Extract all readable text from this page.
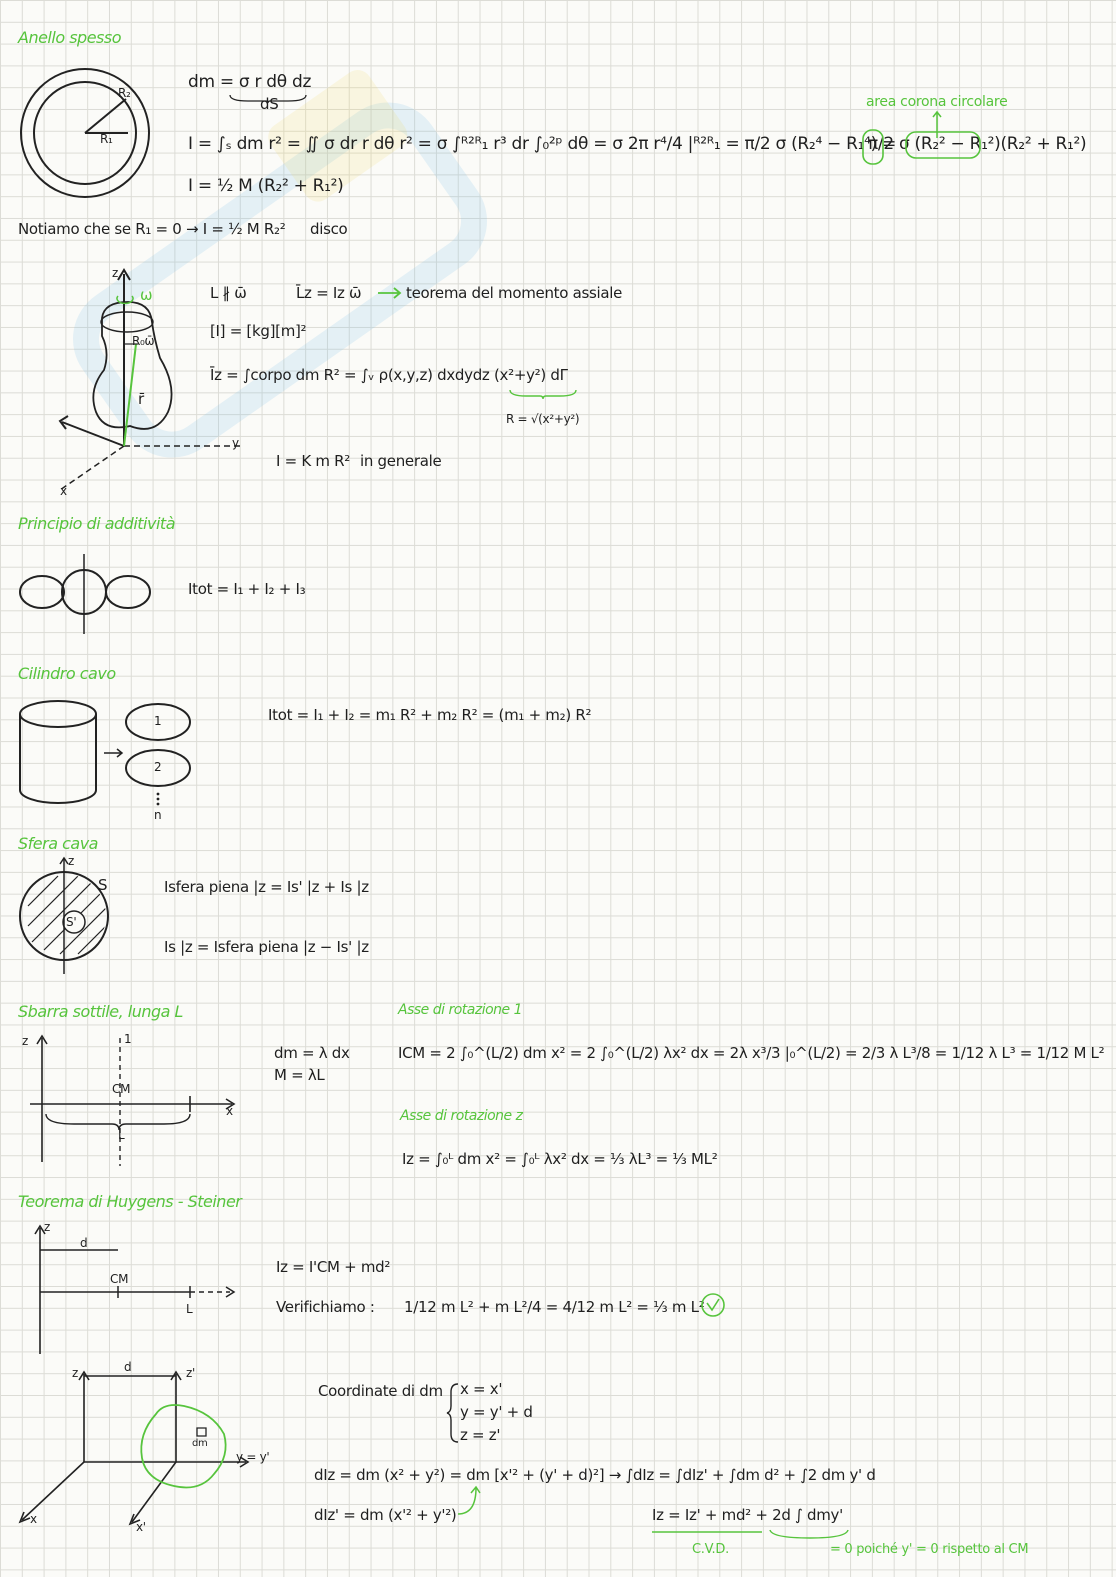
Anello spesso
R₂
R₁
dm = σ r dθ dz
dS	area corona circolare
I = ∫ₛ dm r² = ∬ σ dr r dθ r² = σ ∫ᴿ²ᴿ₁ r³ dr ∫₀²ᵖ dθ = σ 2π r⁴/4 |ᴿ²ᴿ₁ = π/2 σ (R₂⁴ − R₁⁴) =
π/2 σ (R₂² − R₁²)(R₂² + R₁²)
I = ½ M (R₂² + R₁²)
Notiamo che se R₁ = 0 → I = ½ M R₂² disco
z
ω
R₀ω̄
r̄
y
x
L ∦ ω̄	L̄z = Iz ω̄	teorema del momento assiale
[I] = [kg][m]²
Īz = ∫corpo dm R² = ∫ᵥ ρ(x,y,z) dxdydz (x²+y²) dΓ
R = √(x²+y²)
I = K m R² in generale
Principio di additività
Itot = I₁ + I₂ + I₃
Cilindro cavo
1
2
n
Itot = I₁ + I₂ = m₁ R² + m₂ R² = (m₁ + m₂) R²
Sfera cava
z
S
S'
Isfera piena |z = Is' |z + Is |z
Is |z = Isfera piena |z − Is' |z
Sbarra sottile, lunga L
z	1
CM
x
L
dm = λ dx
M = λL
Asse di rotazione 1
ICM = 2 ∫₀^(L/2) dm x² = 2 ∫₀^(L/2) λx² dx = 2λ x³/3 |₀^(L/2) = 2/3 λ L³/8 = 1/12 λ L³ = 1/12 M L²
Asse di rotazione z
Iz = ∫₀ᴸ dm x² = ∫₀ᴸ λx² dx = ⅓ λL³ = ⅓ ML²
Teorema di Huygens - Steiner
z
d
CM
L
Iz = I'CM + md²
Verifichiamo : 1/12 m L² + m L²/4 = 4/12 m L² = ⅓ m L²
z	z'
d
dm
y = y'
x
x'
Coordinate di dm x = x'
y = y' + d
z = z'
dIz = dm (x² + y²) = dm [x'² + (y' + d)²] → ∫dIz = ∫dIz' + ∫dm d² + ∫2 dm y' d
dIz' = dm (x'² + y'²)	Iz = Iz' + md² + 2d ∫ dmy'
C.V.D.	= 0 poiché y' = 0 rispetto al CM
